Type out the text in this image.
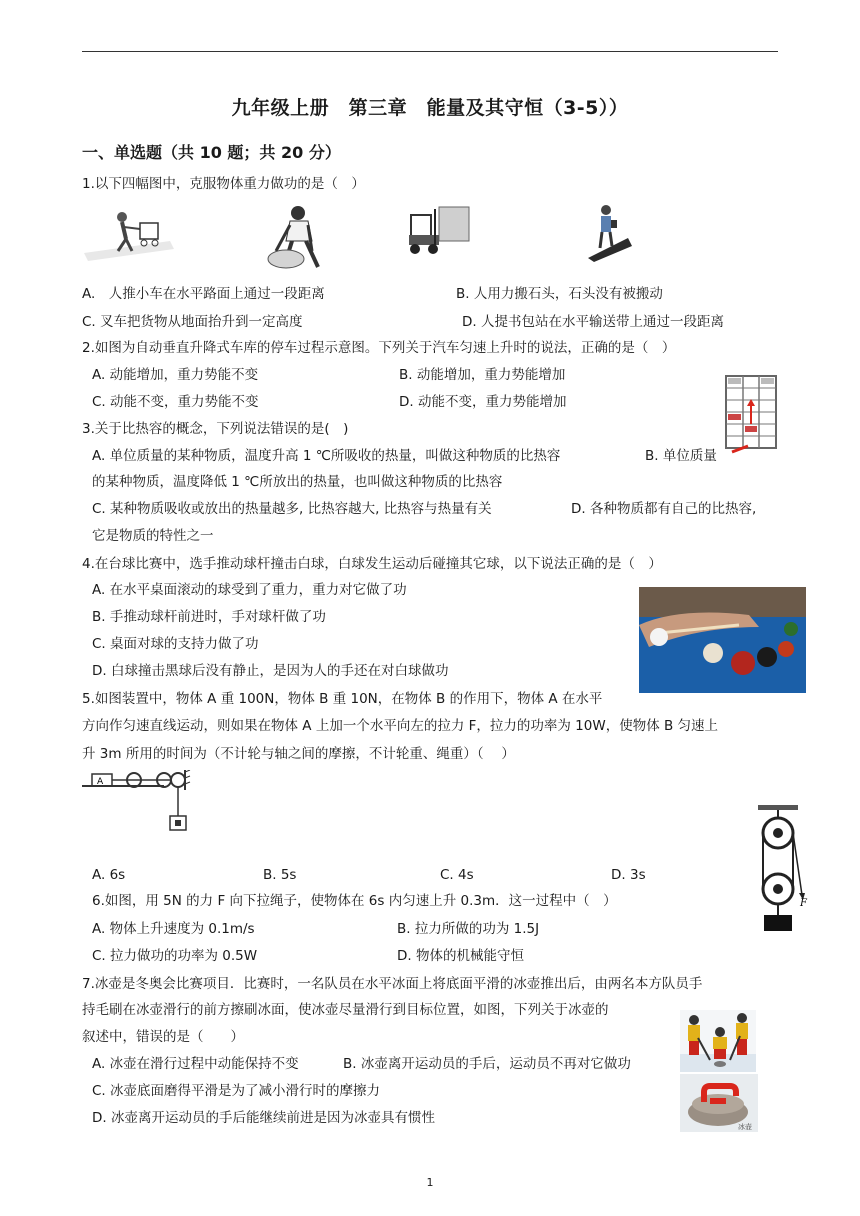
九年级上册　第三章　能量及其守恒（3-5））
一、单选题（共 10 题；共 20 分）
1.以下四幅图中，克服物体重力做功的是（　）
A.　人推小车在水平路面上通过一段距离	B. 人用力搬石头，石头没有被搬动
C. 叉车把货物从地面抬升到一定高度	D. 人提书包站在水平输送带上通过一段距离
2.如图为自动垂直升降式车库的停车过程示意图。下列关于汽车匀速上升时的说法，正确的是（　）
A. 动能增加，重力势能不变	B. 动能增加，重力势能增加
C. 动能不变，重力势能不变	D. 动能不变，重力势能增加
3.关于比热容的概念，下列说法错误的是(　)
A. 单位质量的某种物质，温度升高 1 ℃所吸收的热量，叫做这种物质的比热容	B. 单位质量
的某种物质，温度降低 1 ℃所放出的热量，也叫做这种物质的比热容
C. 某种物质吸收或放出的热量越多, 比热容越大, 比热容与热量有关	D. 各种物质都有自己的比热容,
它是物质的特性之一
4.在台球比赛中，选手推动球杆撞击白球，白球发生运动后碰撞其它球，以下说法正确的是（　）
A. 在水平桌面滚动的球受到了重力，重力对它做了功
B. 手推动球杆前进时，手对球杆做了功
C. 桌面对球的支持力做了功
D. 白球撞击黑球后没有静止，是因为人的手还在对白球做功
5.如图装置中，物体 A 重 100N，物体 B 重 10N，在物体 B 的作用下，物体 A 在水平
方向作匀速直线运动，则如果在物体 A 上加一个水平向左的拉力 F，拉力的功率为 10W，使物体 B 匀速上
升 3m 所用的时间为（不计轮与轴之间的摩擦，不计轮重、绳重）（　 ）
A
A. 6s	B. 5s	C. 4s	D. 3s
F
6.如图，用 5N 的力 F 向下拉绳子，使物体在 6s 内匀速上升 0.3m．这一过程中（　）
A. 物体上升速度为 0.1m/s	B. 拉力所做的功为 1.5J
C. 拉力做功的功率为 0.5W	D. 物体的机械能守恒
7.冰壶是冬奥会比赛项目．比赛时，一名队员在水平冰面上将底面平滑的冰壶推出后，由两名本方队员手
持毛刷在冰壶滑行的前方擦刷冰面，使冰壶尽量滑行到目标位置，如图，下列关于冰壶的
叙述中，错误的是（　　）
A. 冰壶在滑行过程中动能保持不变	B. 冰壶离开运动员的手后，运动员不再对它做功
C. 冰壶底面磨得平滑是为了减小滑行时的摩擦力
D. 冰壶离开运动员的手后能继续前进是因为冰壶具有惯性
冰壶
1
